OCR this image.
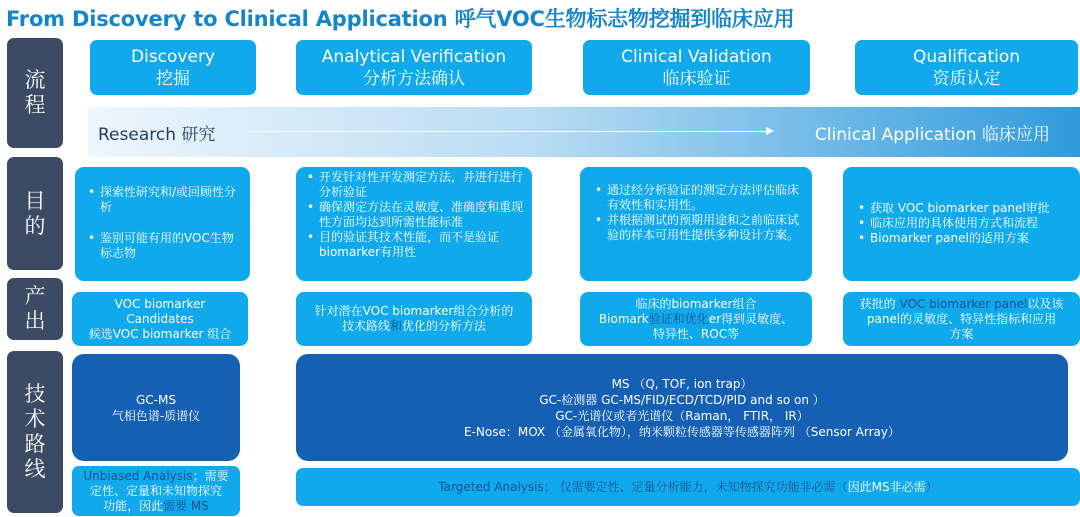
From Discovery to Clinical Application 呼气VOC生物标志物挖掘到临床应用
流
程
目
的
产
出
技
术
路
线
Discovery
挖掘
Analytical Verification
分析方法确认
Clinical Validation
临床验证
Qualification
资质认定
Research 研究	Clinical Application 临床应用
• 探索性研究和/或回顾性分析
• 鉴别可能有用的VOC生物标志物
• 开发针对性开发测定方法，并进行进行分析验证
• 确保测定方法在灵敏度、准确度和重现性方面均达到所需性能标准
• 目的验证其技术性能，而不是验证biomarker有用性
• 通过经分析验证的测定方法评估临床有效性和实用性。
• 并根据测试的预期用途和之前临床试验的样本可用性提供多种设计方案。
• 获取 VOC biomarker panel审批
• 临床应用的具体使用方式和流程
• Biomarker panel的适用方案
VOC biomarker
Candidates
候选VOC biomarker 组合
针对潜在VOC biomarker组合分析的
技术路线和优化的分析方法
临床的biomarker组合
Biomark验证和优化er得到灵敏度、
特异性、ROC等
获批的 VOC biomarker panel以及该
panel的灵敏度、特异性指标和应用
方案
GC-MS
气相色谱-质谱仪
Unbiased Analysis；需要
定性、定量和未知物探究
功能，因此需要 MS
MS （Q, TOF, ion trap）
GC-检测器 GC-MS/FID/ECD/TCD/PID and so on ）
GC-光谱仪或者光谱仪（Raman， FTIR， IR）
E-Nose：MOX （金属氧化物），纳米颗粒传感器等传感器阵列 （Sensor Array）
Targeted Analysis； 仅需要定性、定量分析能力，未知物探究功能非必需（因此MS非必需）
